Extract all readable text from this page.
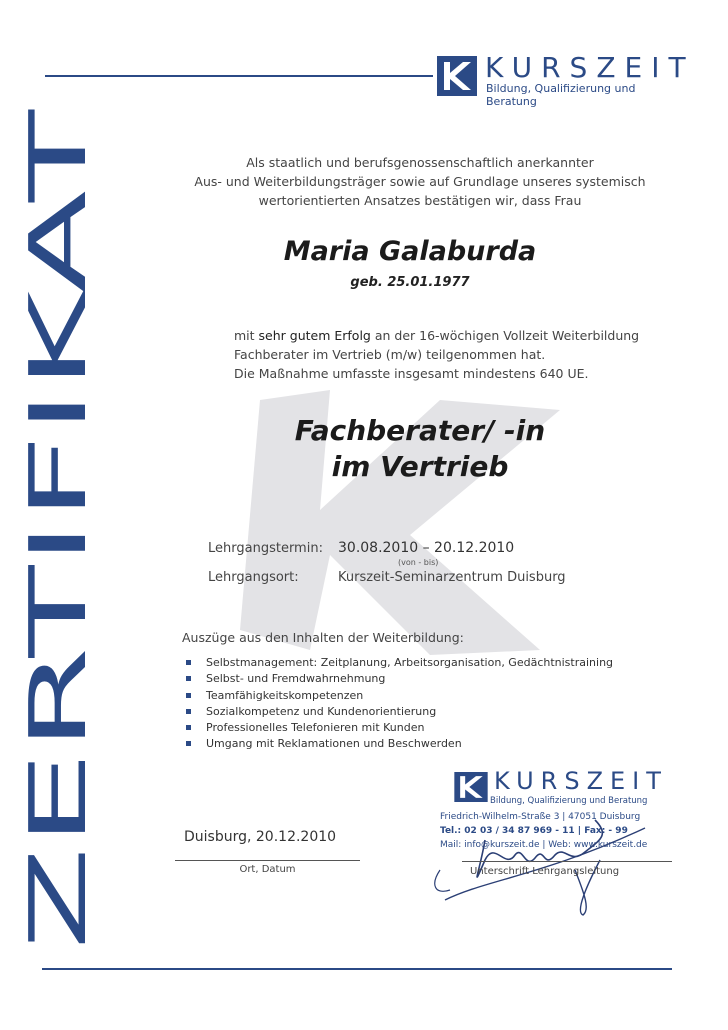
KURSZEIT
Bildung, Qualifizierung und Beratung
ZERTIFIKAT
Als staatlich und berufsgenossenschaftlich anerkannter
Aus- und Weiterbildungsträger sowie auf Grundlage unseres systemisch
wertorientierten Ansatzes bestätigen wir, dass Frau
Maria Galaburda
geb. 25.01.1977
mit sehr gutem Erfolg an der 16-wöchigen Vollzeit Weiterbildung
Fachberater im Vertrieb (m/w) teilgenommen hat.
Die Maßnahme umfasste insgesamt mindestens 640 UE.
Fachberater/ -in
im Vertrieb
Lehrgangstermin: 30.08.2010 – 20.12.2010
(von - bis)
Lehrgangsort:	Kurszeit-Seminarzentrum Duisburg
Auszüge aus den Inhalten der Weiterbildung:
Selbstmanagement: Zeitplanung, Arbeitsorganisation, Gedächtnistraining
Selbst- und Fremdwahrnehmung
Teamfähigkeitskompetenzen
Sozialkompetenz und Kundenorientierung
Professionelles Telefonieren mit Kunden
Umgang mit Reklamationen und Beschwerden
Duisburg, 20.12.2010
Ort, Datum
KURSZEIT
Bildung, Qualifizierung und Beratung
Friedrich-Wilhelm-Straße 3 | 47051 Duisburg
Tel.: 02 03 / 34 87 969 - 11 | Fax: - 99
Mail: info@kurszeit.de | Web: www.kurszeit.de
Unterschrift Lehrgangsleitung
